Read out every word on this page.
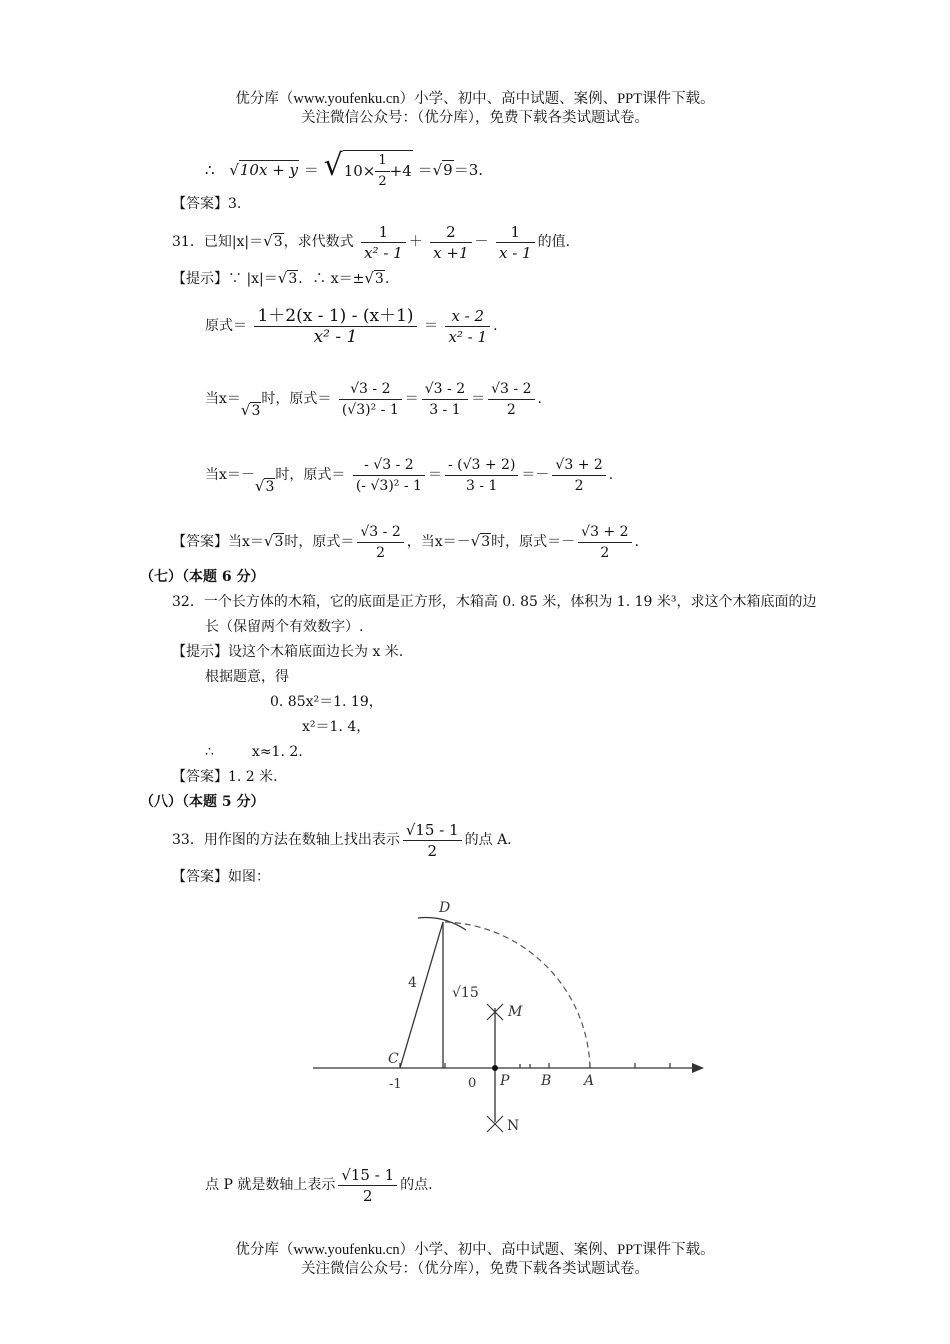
优分库（www.youfenku.cn）小学、初中、高中试题、案例、PPT课件下载。
关注微信公众号：（优分库），免费下载各类试题试卷。
∴ $√10x + y = √10\times \frac{1}{2} +4 =√9=3$.
【答案】3.
31．已知|x|＝√3，求代数式 $\frac{1}{\text{x² - 1}} + \frac{2}{x +1} - \frac{1}{x - 1}$ 的值.
【提示】∵ |x|＝√3．∴ x＝±√3.
原式＝ $\frac{1+2(x - 1) - (x+1)}{\text{x² - 1}} = \frac{x - 2}{\text{x² - 1}}$ .
当x＝√3时，原式＝ $\frac{√3 - 2}{\text{(√3)² - 1}} = \frac{√3 - 2}{3 - 1} = \frac{√3 - 2}{2}$ .
当x＝－√3时，原式＝ $\frac{- √3 - 2}{\text{(- √3)² - 1}} = \frac{- (√3 + 2)}{3 - 1} =- \frac{√3 + 2}{2}$ .
【答案】当x＝√3时，原式＝ $\frac{√3 - 2}{2}$ ，当x＝－√3时，原式＝－ $\frac{√3 + 2}{2}$ .
（七）（本题 6 分）
32．一个长方体的木箱，它的底面是正方形，木箱高 0. 85 米，体积为 1. 19 米³，求这个木箱底面的边
长（保留两个有效数字）.
【提示】设这个木箱底面边长为 x 米.
根据题意，得
0. 85x²＝1. 19，
x²＝1. 4，
∴	x≈1. 2.
【答案】1. 2 米.
（八）（本题 5 分）
33．用作图的方法在数轴上找出表示 $\frac{√15 - 1}{2}$ 的点 A.
【答案】如图：
D
4
√15
M
C
-1	0 P B A
N
点 P 就是数轴上表示 $\frac{√15 - 1}{2}$ 的点.
优分库（www.youfenku.cn）小学、初中、高中试题、案例、PPT课件下载。
关注微信公众号：（优分库），免费下载各类试题试卷。
